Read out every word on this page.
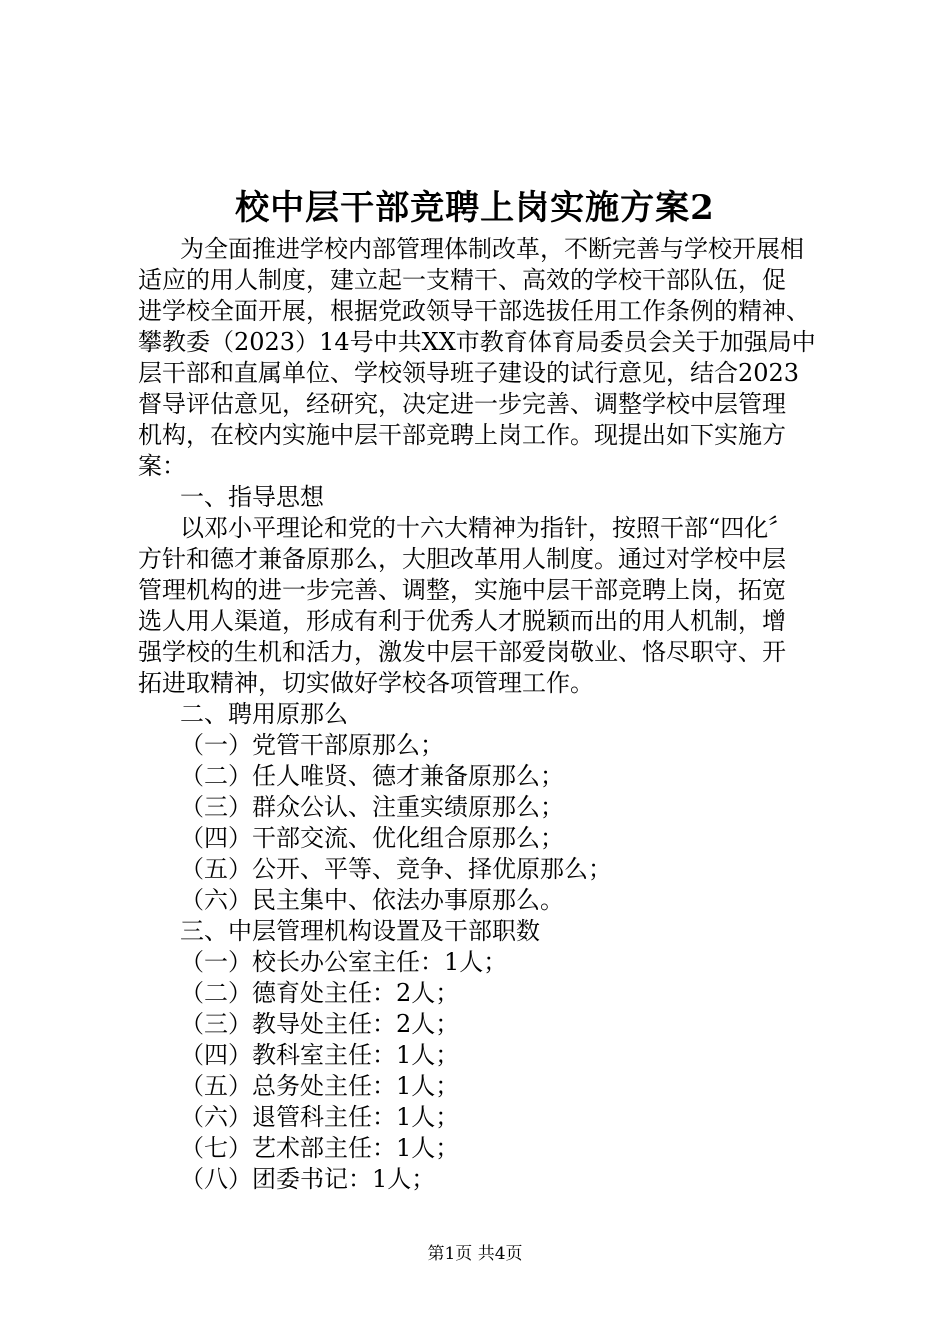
校中层干部竞聘上岗实施方案2
为全面推进学校内部管理体制改革，不断完善与学校开展相
适应的用人制度，建立起一支精干、高效的学校干部队伍，促
进学校全面开展，根据党政领导干部选拔任用工作条例的精神、
攀教委（2023）14号中共XX市教育体育局委员会关于加强局中
层干部和直属单位、学校领导班子建设的试行意见，结合2023
督导评估意见，经研究，决定进一步完善、调整学校中层管理
机构，在校内实施中层干部竞聘上岗工作。现提出如下实施方
案：
一、指导思想
以邓小平理论和党的十六大精神为指针，按照干部“四化〞
方针和德才兼备原那么，大胆改革用人制度。通过对学校中层
管理机构的进一步完善、调整，实施中层干部竞聘上岗，拓宽
选人用人渠道，形成有利于优秀人才脱颖而出的用人机制，增
强学校的生机和活力，激发中层干部爱岗敬业、恪尽职守、开
拓进取精神，切实做好学校各项管理工作。
二、聘用原那么
（一）党管干部原那么；
（二）任人唯贤、德才兼备原那么；
（三）群众公认、注重实绩原那么；
（四）干部交流、优化组合原那么；
（五）公开、平等、竞争、择优原那么；
（六）民主集中、依法办事原那么。
三、中层管理机构设置及干部职数
（一）校长办公室主任：1人；
（二）德育处主任：2人；
（三）教导处主任：2人；
（四）教科室主任：1人；
（五）总务处主任：1人；
（六）退管科主任：1人；
（七）艺术部主任：1人；
（八）团委书记：1人；
第1页 共4页
